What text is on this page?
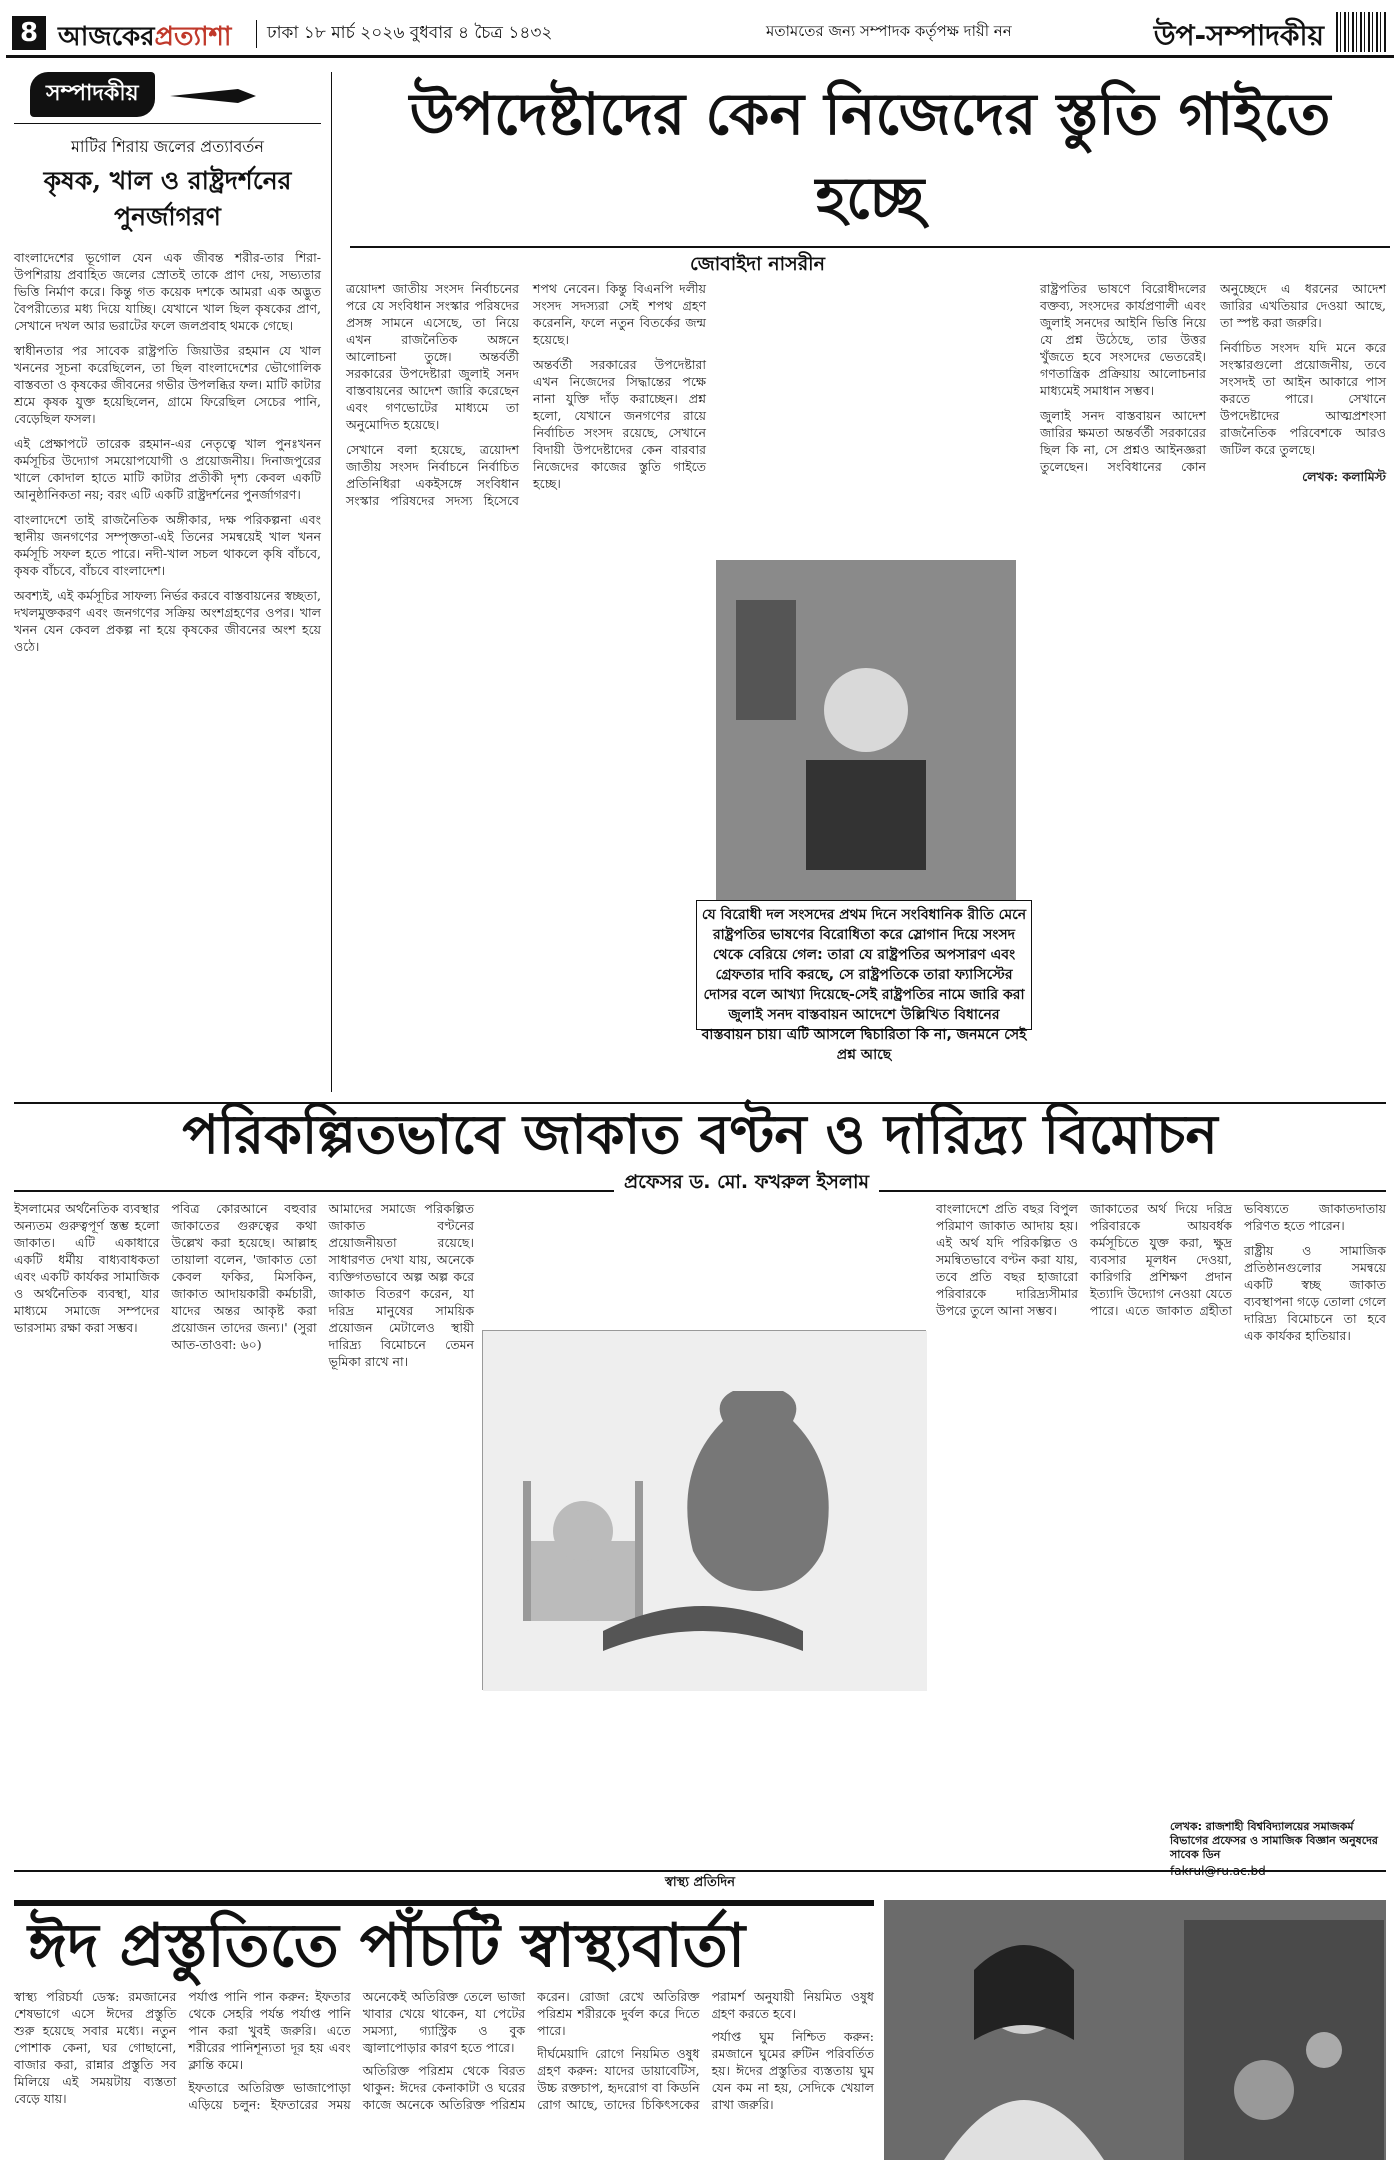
8 আজকেরপ্রত্যাশা	ঢাকা ১৮ মার্চ ২০২৬ বুধবার ৪ চৈত্র ১৪৩২	মতামতের জন্য সম্পাদক কর্তৃপক্ষ দায়ী নন	উপ-সম্পাদকীয়
সম্পাদকীয়
মাটির শিরায় জলের প্রত্যাবর্তন
কৃষক, খাল ও রাষ্ট্রদর্শনের পুনর্জাগরণ

বাংলাদেশের ভূগোল যেন এক জীবন্ত শরীর-তার শিরা-উপশিরায় প্রবাহিত জলের স্রোতই তাকে প্রাণ দেয়, সভ্যতার ভিত্তি নির্মাণ করে। কিন্তু গত কয়েক দশকে আমরা এক অদ্ভুত বৈপরীত্যের মধ্য দিয়ে যাচ্ছি। যেখানে খাল ছিল কৃষকের প্রাণ, সেখানে দখল আর ভরাটের ফলে জলপ্রবাহ থমকে গেছে।

স্বাধীনতার পর সাবেক রাষ্ট্রপতি জিয়াউর রহমান যে খাল খননের সূচনা করেছিলেন, তা ছিল বাংলাদেশের ভৌগোলিক বাস্তবতা ও কৃষকের জীবনের গভীর উপলব্ধির ফল। মাটি কাটার শ্রমে কৃষক যুক্ত হয়েছিলেন, গ্রামে ফিরেছিল সেচের পানি, বেড়েছিল ফসল।

এই প্রেক্ষাপটে তারেক রহমান-এর নেতৃত্বে খাল পুনঃখনন কর্মসূচির উদ্যোগ সময়োপযোগী ও প্রয়োজনীয়। দিনাজপুরের খালে কোদাল হাতে মাটি কাটার প্রতীকী দৃশ্য কেবল একটি আনুষ্ঠানিকতা নয়; বরং এটি একটি রাষ্ট্রদর্শনের পুনর্জাগরণ।

বাংলাদেশে তাই রাজনৈতিক অঙ্গীকার, দক্ষ পরিকল্পনা এবং স্থানীয় জনগণের সম্পৃক্ততা-এই তিনের সমন্বয়েই খাল খনন কর্মসূচি সফল হতে পারে। নদী-খাল সচল থাকলে কৃষি বাঁচবে, কৃষক বাঁচবে, বাঁচবে বাংলাদেশ।

অবশ্যই, এই কর্মসূচির সাফল্য নির্ভর করবে বাস্তবায়নের স্বচ্ছতা, দখলমুক্তকরণ এবং জনগণের সক্রিয় অংশগ্রহণের ওপর। খাল খনন যেন কেবল প্রকল্প না হয়ে কৃষকের জীবনের অংশ হয়ে ওঠে।

উপদেষ্টাদের কেন নিজেদের স্তুতি গাইতে হচ্ছে
জোবাইদা নাসরীন

ত্রয়োদশ জাতীয় সংসদ নির্বাচনের পরে যে সংবিধান সংস্কার পরিষদের প্রসঙ্গ সামনে এসেছে, তা নিয়ে এখন রাজনৈতিক অঙ্গনে আলোচনা তুঙ্গে। অন্তর্বর্তী সরকারের উপদেষ্টারা জুলাই সনদ বাস্তবায়নের আদেশ জারি করেছেন এবং গণভোটের মাধ্যমে তা অনুমোদিত হয়েছে।

সেখানে বলা হয়েছে, ত্রয়োদশ জাতীয় সংসদ নির্বাচনে নির্বাচিত প্রতিনিধিরা একইসঙ্গে সংবিধান সংস্কার পরিষদের সদস্য হিসেবে শপথ নেবেন। কিন্তু বিএনপি দলীয় সংসদ সদস্যরা সেই শপথ গ্রহণ করেননি, ফলে নতুন বিতর্কের জন্ম হয়েছে।

অন্তর্বর্তী সরকারের উপদেষ্টারা এখন নিজেদের সিদ্ধান্তের পক্ষে নানা যুক্তি দাঁড় করাচ্ছেন। প্রশ্ন হলো, যেখানে জনগণের রায়ে নির্বাচিত সংসদ রয়েছে, সেখানে বিদায়ী উপদেষ্টাদের কেন বারবার নিজেদের কাজের স্তুতি গাইতে হচ্ছে।

যে বিরোধী দল সংসদের প্রথম দিনে সংবিধানিক রীতি মেনে রাষ্ট্রপতির ভাষণের বিরোধিতা করে স্লোগান দিয়ে সংসদ থেকে বেরিয়ে গেল: তারা যে রাষ্ট্রপতির অপসারণ এবং গ্রেফতার দাবি করছে, সে রাষ্ট্রপতিকে তারা ফ্যাসিস্টের দোসর বলে আখ্যা দিয়েছে-সেই রাষ্ট্রপতির নামে জারি করা জুলাই সনদ বাস্তবায়ন আদেশে উল্লিখিত বিধানের বাস্তবায়ন চায়। এটি আসলে দ্বিচারিতা কি না, জনমনে সেই প্রশ্ন আছে

রাষ্ট্রপতির ভাষণে বিরোধীদলের বক্তব্য, সংসদের কার্যপ্রণালী এবং জুলাই সনদের আইনি ভিত্তি নিয়ে যে প্রশ্ন উঠেছে, তার উত্তর খুঁজতে হবে সংসদের ভেতরেই। গণতান্ত্রিক প্রক্রিয়ায় আলোচনার মাধ্যমেই সমাধান সম্ভব।

জুলাই সনদ বাস্তবায়ন আদেশ জারির ক্ষমতা অন্তর্বর্তী সরকারের ছিল কি না, সে প্রশ্নও আইনজ্ঞরা তুলেছেন। সংবিধানের কোন অনুচ্ছেদে এ ধরনের আদেশ জারির এখতিয়ার দেওয়া আছে, তা স্পষ্ট করা জরুরি।

নির্বাচিত সংসদ যদি মনে করে সংস্কারগুলো প্রয়োজনীয়, তবে সংসদই তা আইন আকারে পাস করতে পারে। সেখানে উপদেষ্টাদের আত্মপ্রশংসা রাজনৈতিক পরিবেশকে আরও জটিল করে তুলছে।

লেখক: কলামিস্ট

পরিকল্পিতভাবে জাকাত বণ্টন ও দারিদ্র্য বিমোচন
প্রফেসর ড. মো. ফখরুল ইসলাম

ইসলামের অর্থনৈতিক ব্যবস্থার অন্যতম গুরুত্বপূর্ণ স্তম্ভ হলো জাকাত। এটি একাধারে একটি ধর্মীয় বাধ্যবাধকতা এবং একটি কার্যকর সামাজিক ও অর্থনৈতিক ব্যবস্থা, যার মাধ্যমে সমাজে সম্পদের ভারসাম্য রক্ষা করা সম্ভব।

পবিত্র কোরআনে বহুবার জাকাতের গুরুত্বের কথা উল্লেখ করা হয়েছে। আল্লাহ তায়ালা বলেন, 'জাকাত তো কেবল ফকির, মিসকিন, জাকাত আদায়কারী কর্মচারী, যাদের অন্তর আকৃষ্ট করা প্রয়োজন তাদের জন্য।' (সুরা আত-তাওবা: ৬০)

আমাদের সমাজে পরিকল্পিত জাকাত বণ্টনের প্রয়োজনীয়তা রয়েছে। সাধারণত দেখা যায়, অনেকে ব্যক্তিগতভাবে অল্প অল্প করে জাকাত বিতরণ করেন, যা দরিদ্র মানুষের সাময়িক প্রয়োজন মেটালেও স্থায়ী দারিদ্র্য বিমোচনে তেমন ভূমিকা রাখে না।

বাংলাদেশে প্রতি বছর বিপুল পরিমাণ জাকাত আদায় হয়। এই অর্থ যদি পরিকল্পিত ও সমন্বিতভাবে বণ্টন করা যায়, তবে প্রতি বছর হাজারো পরিবারকে দারিদ্র্যসীমার উপরে তুলে আনা সম্ভব।

জাকাতের অর্থ দিয়ে দরিদ্র পরিবারকে আয়বর্ধক কর্মসূচিতে যুক্ত করা, ক্ষুদ্র ব্যবসার মূলধন দেওয়া, কারিগরি প্রশিক্ষণ প্রদান ইত্যাদি উদ্যোগ নেওয়া যেতে পারে। এতে জাকাত গ্রহীতা ভবিষ্যতে জাকাতদাতায় পরিণত হতে পারেন।

রাষ্ট্রীয় ও সামাজিক প্রতিষ্ঠানগুলোর সমন্বয়ে একটি স্বচ্ছ জাকাত ব্যবস্থাপনা গড়ে তোলা গেলে দারিদ্র্য বিমোচনে তা হবে এক কার্যকর হাতিয়ার।

লেখক: রাজশাহী বিশ্ববিদ্যালয়ের সমাজকর্ম বিভাগের প্রফেসর ও সামাজিক বিজ্ঞান অনুষদের সাবেক ডিন
fakrul@ru.ac.bd
স্বাস্থ্য প্রতিদিন
ঈদ প্রস্তুতিতে পাঁচটি স্বাস্থ্যবার্তা

স্বাস্থ্য পরিচর্যা ডেস্ক: রমজানের শেষভাগে এসে ঈদের প্রস্তুতি শুরু হয়েছে সবার মধ্যে। নতুন পোশাক কেনা, ঘর গোছানো, বাজার করা, রান্নার প্রস্তুতি সব মিলিয়ে এই সময়টায় ব্যস্ততা বেড়ে যায়।

পর্যাপ্ত পানি পান করুন: ইফতার থেকে সেহরি পর্যন্ত পর্যাপ্ত পানি পান করা খুবই জরুরি। এতে শরীরের পানিশূন্যতা দূর হয় এবং ক্লান্তি কমে।

ইফতারে অতিরিক্ত ভাজাপোড়া এড়িয়ে চলুন: ইফতারের সময় অনেকেই অতিরিক্ত তেলে ভাজা খাবার খেয়ে থাকেন, যা পেটের সমস্যা, গ্যাস্ট্রিক ও বুক জ্বালাপোড়ার কারণ হতে পারে।

অতিরিক্ত পরিশ্রম থেকে বিরত থাকুন: ঈদের কেনাকাটা ও ঘরের কাজে অনেকে অতিরিক্ত পরিশ্রম করেন। রোজা রেখে অতিরিক্ত পরিশ্রম শরীরকে দুর্বল করে দিতে পারে।

দীর্ঘমেয়াদি রোগে নিয়মিত ওষুধ গ্রহণ করুন: যাদের ডায়াবেটিস, উচ্চ রক্তচাপ, হৃদরোগ বা কিডনি রোগ আছে, তাদের চিকিৎসকের পরামর্শ অনুযায়ী নিয়মিত ওষুধ গ্রহণ করতে হবে।

পর্যাপ্ত ঘুম নিশ্চিত করুন: রমজানে ঘুমের রুটিন পরিবর্তিত হয়। ঈদের প্রস্তুতির ব্যস্ততায় ঘুম যেন কম না হয়, সেদিকে খেয়াল রাখা জরুরি।
